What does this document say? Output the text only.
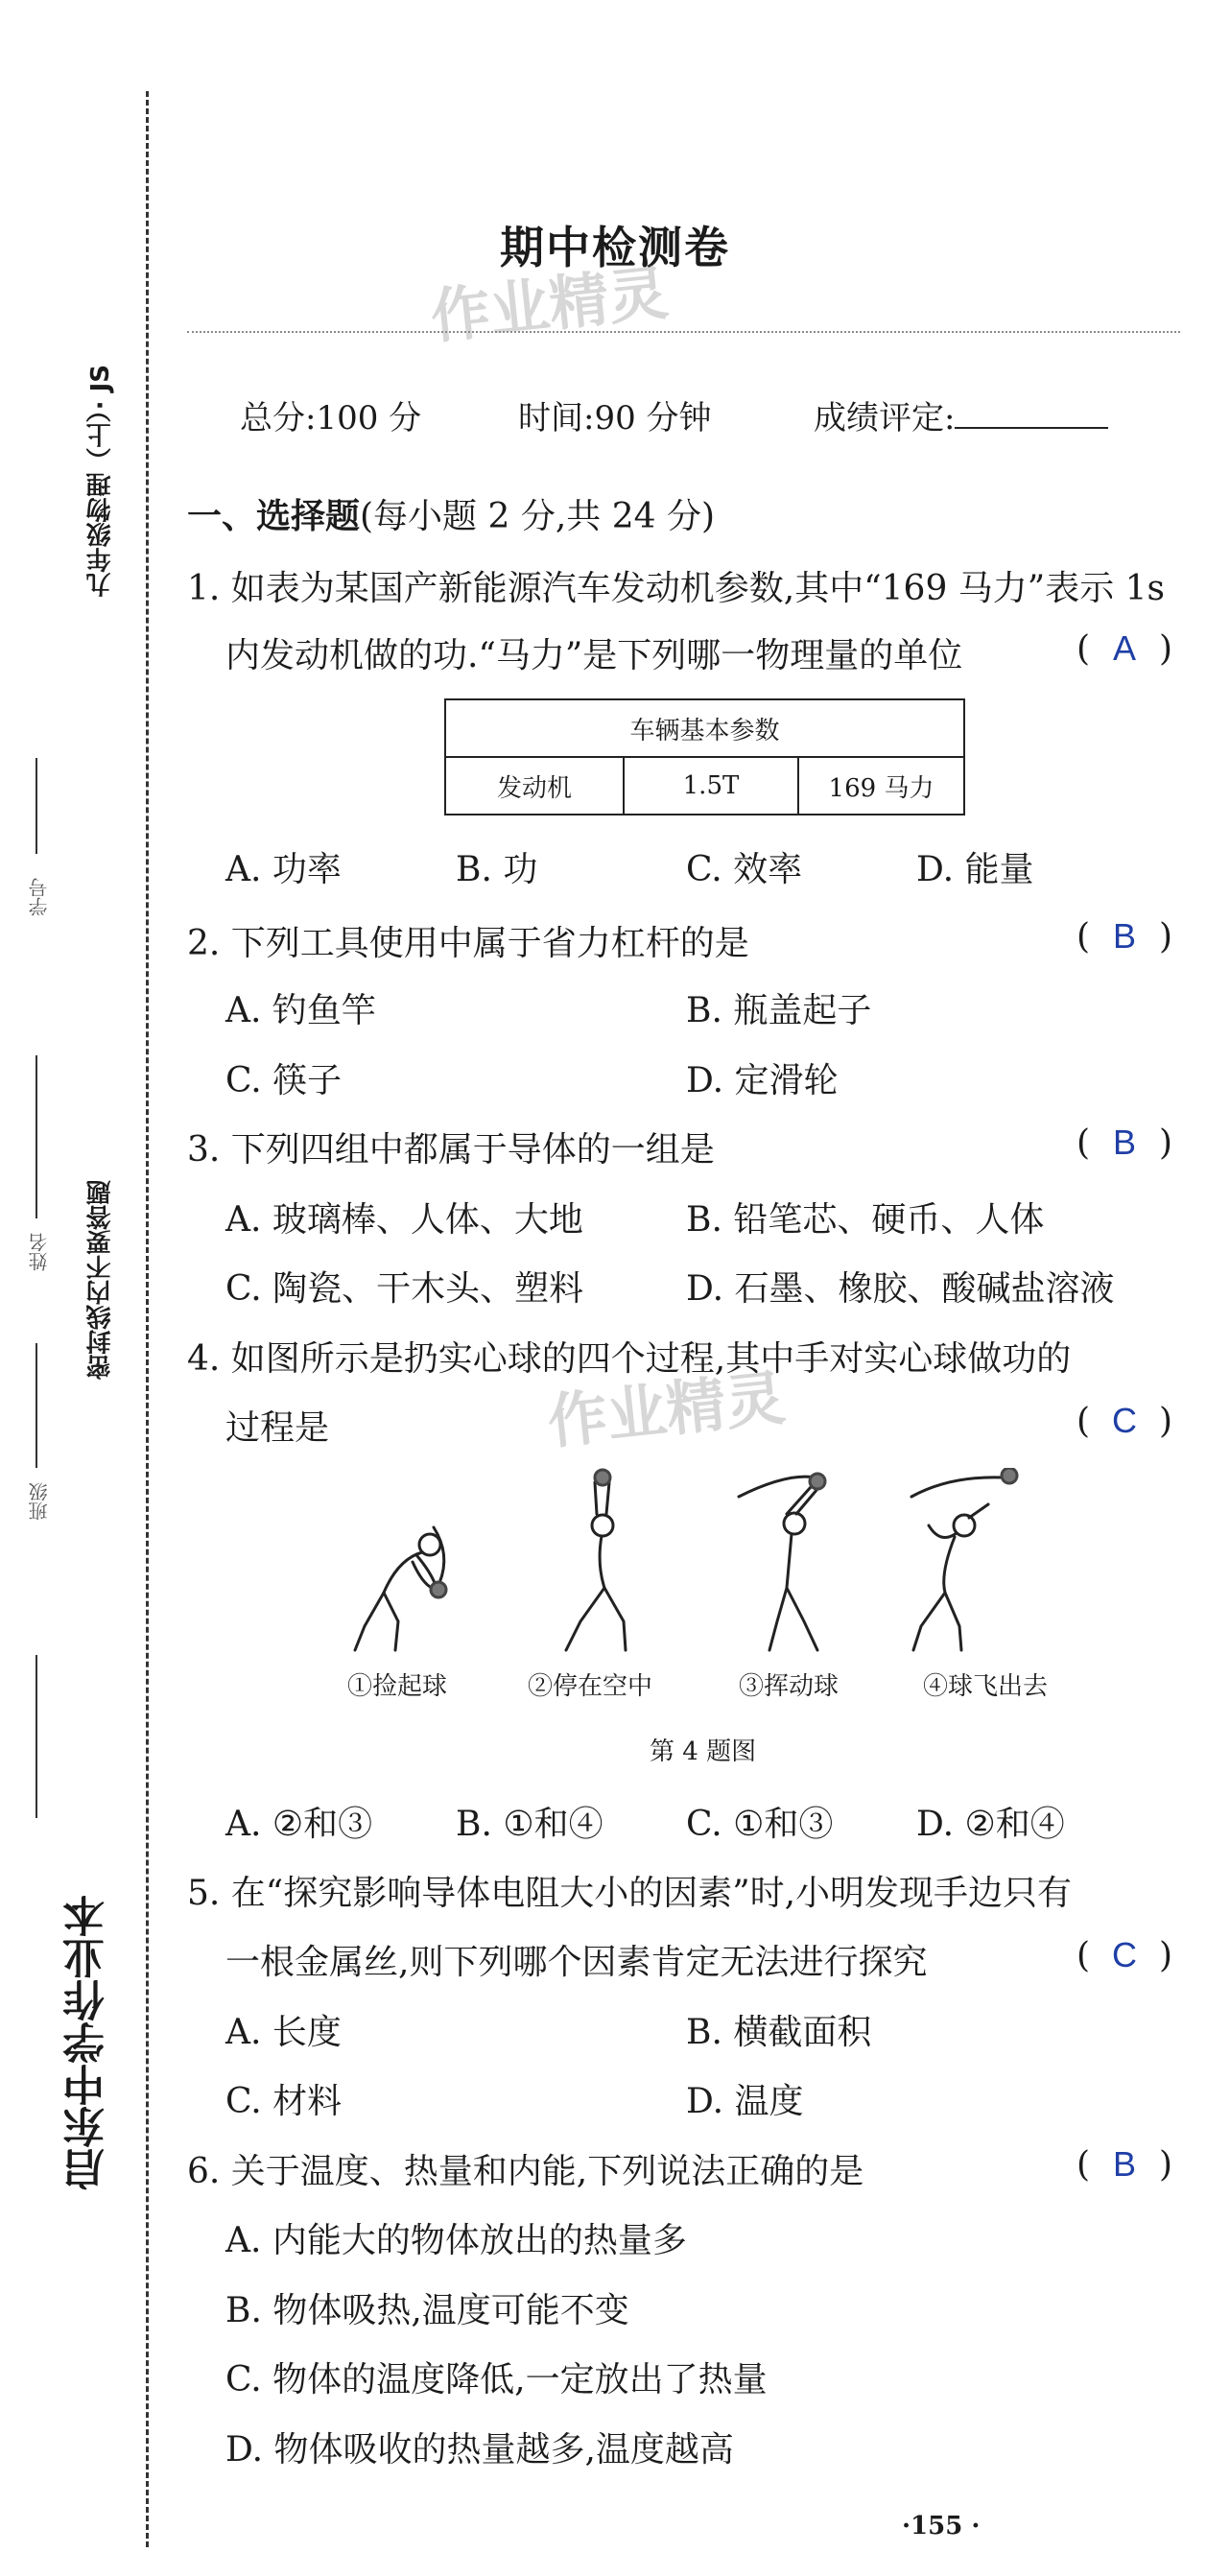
启东中学作业本
九年级物理（上）· JS
密封线内不要答题
学号
姓名
班级
期中检测卷
作业精灵
总分:100 分	时间:90 分钟	成绩评定:
一、选择题(每小题 2 分,共 24 分)
1. 如表为某国产新能源汽车发动机参数,其中“169 马力”表示 1s
内发动机做的功.“马力”是下列哪一物理量的单位	( A )
车辆基本参数
发动机	1.5T	169 马力
A. 功率	B. 功	C. 效率	D. 能量
2. 下列工具使用中属于省力杠杆的是	( B )
A. 钓鱼竿	B. 瓶盖起子
C. 筷子	D. 定滑轮
3. 下列四组中都属于导体的一组是	( B )
A. 玻璃棒、人体、大地	B. 铅笔芯、硬币、人体
C. 陶瓷、干木头、塑料	D. 石墨、橡胶、酸碱盐溶液
4. 如图所示是扔实心球的四个过程,其中手对实心球做功的
过程是	作业精灵	( C )
①捡起球	②停在空中	③挥动球	④球飞出去
第 4 题图
A. ②和③ B. ①和④ C. ①和③ D. ②和④
5. 在“探究影响导体电阻大小的因素”时,小明发现手边只有
一根金属丝,则下列哪个因素肯定无法进行探究	( C )
A. 长度	B. 横截面积
C. 材料	D. 温度
6. 关于温度、热量和内能,下列说法正确的是	( B )
A. 内能大的物体放出的热量多
B. 物体吸热,温度可能不变
C. 物体的温度降低,一定放出了热量
D. 物体吸收的热量越多,温度越高
·155 ·
